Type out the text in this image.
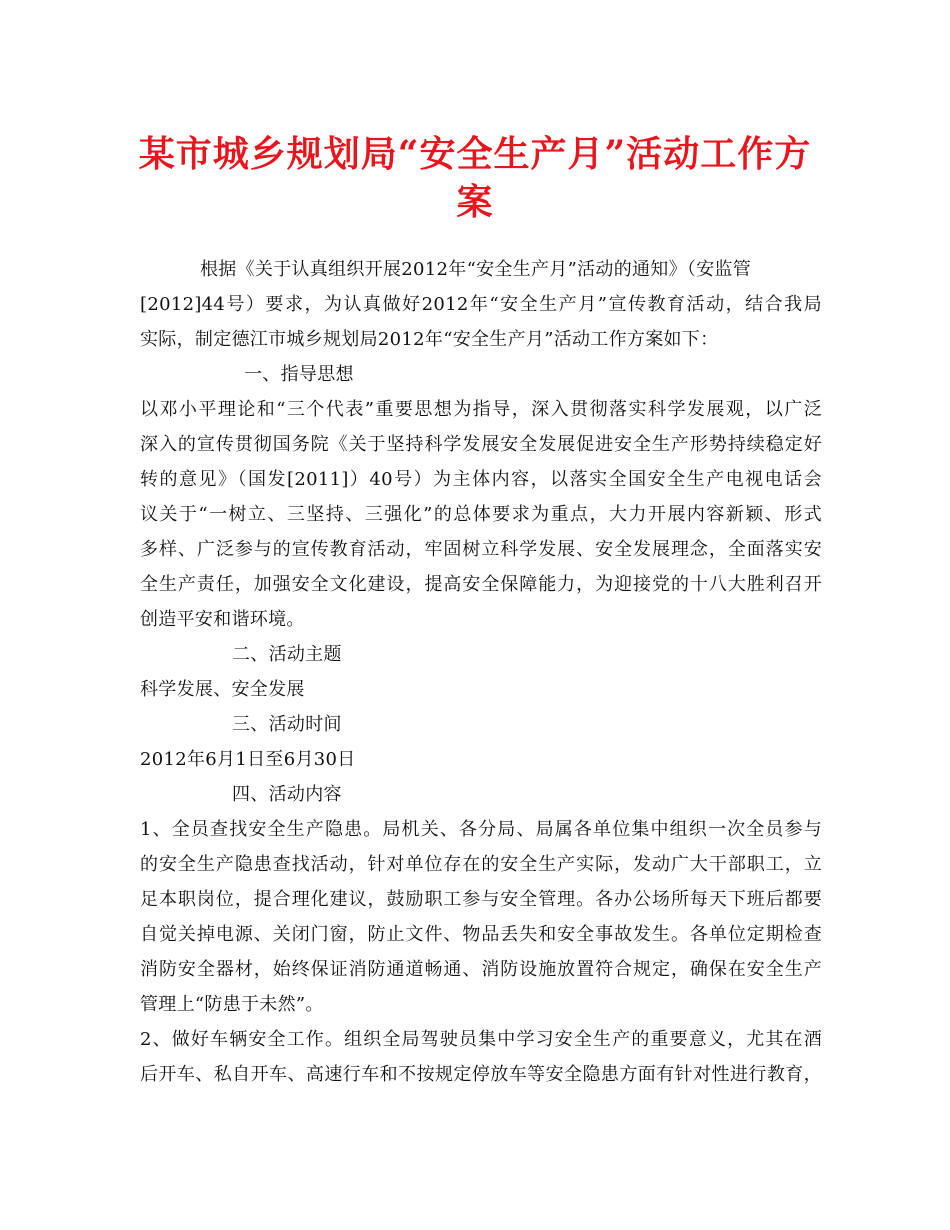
某市城乡规划局“安全生产月”活动工作方
案
根据《关于认真组织开展2012年“安全生产月”活动的通知》（安监管
[2012]44号）要求，为认真做好2012年“安全生产月”宣传教育活动，结合我局
实际，制定德江市城乡规划局2012年“安全生产月”活动工作方案如下：
一、指导思想
以邓小平理论和“三个代表”重要思想为指导，深入贯彻落实科学发展观，以广泛
深入的宣传贯彻国务院《关于坚持科学发展安全发展促进安全生产形势持续稳定好
转的意见》（国发[2011]）40号）为主体内容，以落实全国安全生产电视电话会
议关于“一树立、三坚持、三强化”的总体要求为重点，大力开展内容新颖、形式
多样、广泛参与的宣传教育活动，牢固树立科学发展、安全发展理念，全面落实安
全生产责任，加强安全文化建设，提高安全保障能力，为迎接党的十八大胜利召开
创造平安和谐环境。
二、活动主题
科学发展、安全发展
三、活动时间
2012年6月1日至6月30日
四、活动内容
1、全员查找安全生产隐患。局机关、各分局、局属各单位集中组织一次全员参与
的安全生产隐患查找活动，针对单位存在的安全生产实际，发动广大干部职工，立
足本职岗位，提合理化建议，鼓励职工参与安全管理。各办公场所每天下班后都要
自觉关掉电源、关闭门窗，防止文件、物品丢失和安全事故发生。各单位定期检查
消防安全器材，始终保证消防通道畅通、消防设施放置符合规定，确保在安全生产
管理上“防患于未然”。
2、做好车辆安全工作。组织全局驾驶员集中学习安全生产的重要意义，尤其在酒
后开车、私自开车、高速行车和不按规定停放车等安全隐患方面有针对性进行教育，
